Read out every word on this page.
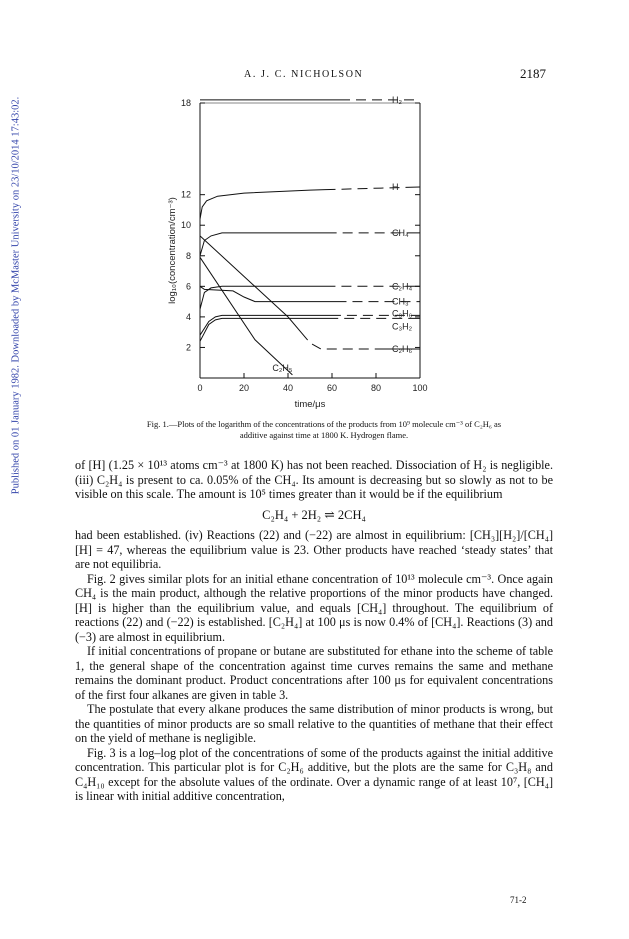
Published on 01 January 1982. Downloaded by McMaster University on 23/10/2014 17:43:02.
A. J. C. NICHOLSON	2187
0	20	40	60	80	100
2
4
6
8
10
12
18
time/μs
log₁₀(concentration/cm⁻³)
H₂
H
CH₄
C₂H₄
CH₃
C₃H₆
C₃H₂
C₂H₆
C₂H₅
Fig. 1.—Plots of the logarithm of the concentrations of the products from 10⁹ molecule cm⁻³ of C₂H₆ as
additive against time at 1800 K. Hydrogen flame.

of [H] (1.25 × 10¹³ atoms cm⁻³ at 1800 K) has not been reached. Dissociation of H₂ is negligible. (iii) C₂H₄ is present to ca. 0.05% of the CH₄. Its amount is decreasing but so slowly as not to be visible on this scale. The amount is 10⁵ times greater than it would be if the equilibrium

C₂H₄ + 2H₂ ⇌ 2CH₄

had been established. (iv) Reactions (22) and (−22) are almost in equilibrium: [CH₃][H₂]/[CH₄][H] = 47, whereas the equilibrium value is 23. Other products have reached ‘steady states’ that are not equilibria.

Fig. 2 gives similar plots for an initial ethane concentration of 10¹³ molecule cm⁻³. Once again CH₄ is the main product, although the relative proportions of the minor products have changed. [H] is higher than the equilibrium value, and equals [CH₄] throughout. The equilibrium of reactions (22) and (−22) is established. [C₂H₄] at 100 μs is now 0.4% of [CH₄]. Reactions (3) and (−3) are almost in equilibrium.

If initial concentrations of propane or butane are substituted for ethane into the scheme of table 1, the general shape of the concentration against time curves remains the same and methane remains the dominant product. Product concentrations after 100 μs for equivalent concentrations of the first four alkanes are given in table 3.

The postulate that every alkane produces the same distribution of minor products is wrong, but the quantities of minor products are so small relative to the quantities of methane that their effect on the yield of methane is negligible.

Fig. 3 is a log–log plot of the concentrations of some of the products against the initial additive concentration. This particular plot is for C₂H₆ additive, but the plots are the same for C₃H₈ and C₄H₁₀ except for the absolute values of the ordinate. Over a dynamic range of at least 10⁷, [CH₄] is linear with initial additive concentration,

71-2
